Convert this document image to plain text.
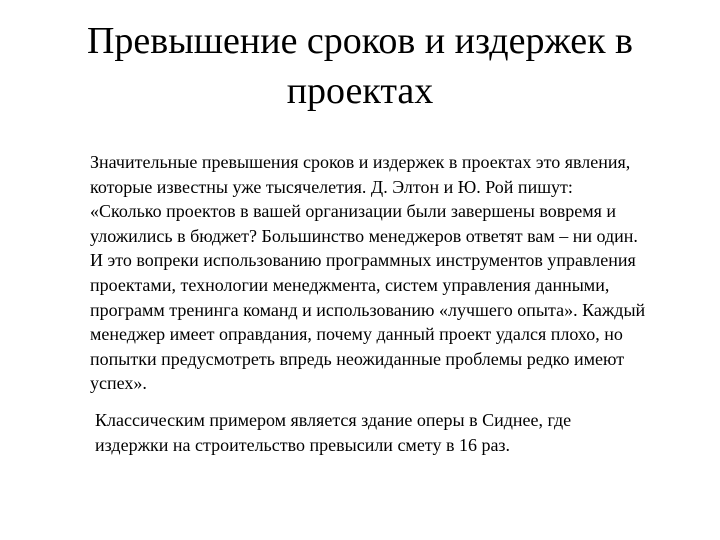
Превышение сроков и издержек в
проектах

Значительные превышения сроков и издержек в проектах это явления,
которые известны уже тысячелетия. Д. Элтон и Ю. Рой пишут:
«Сколько проектов в вашей организации были завершены вовремя и
уложились в бюджет? Большинство менеджеров ответят вам – ни один.
И это вопреки использованию программных инструментов управления
проектами, технологии менеджмента, систем управления данными,
программ тренинга команд и использованию «лучшего опыта». Каждый
менеджер имеет оправдания, почему данный проект удался плохо, но
попытки предусмотреть впредь неожиданные проблемы редко имеют
успех».

Классическим примером является здание оперы в Сиднее, где
издержки на строительство превысили смету в 16 раз.
